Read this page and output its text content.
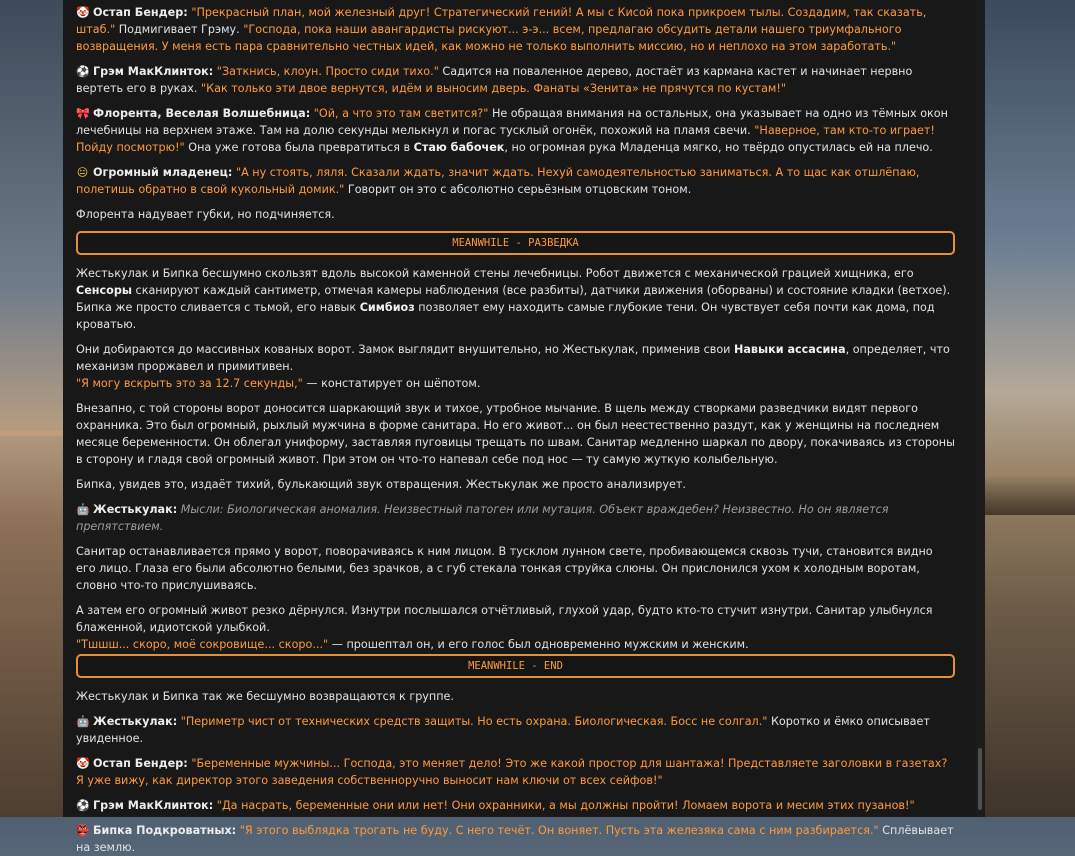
🤡 Остап Бендер: "Прекрасный план, мой железный друг! Стратегический гений! А мы с Кисой пока прикроем тылы. Создадим, так сказать, штаб." Подмигивает Грэму. "Господа, пока наши авангардисты рискуют... э-э... всем, предлагаю обсудить детали нашего триумфального возвращения. У меня есть пара сравнительно честных идей, как можно не только выполнить миссию, но и неплохо на этом заработать."

⚽ Грэм МакКлинток: "Заткнись, клоун. Просто сиди тихо." Садится на поваленное дерево, достаёт из кармана кастет и начинает нервно вертеть его в руках. "Как только эти двое вернутся, идём и выносим дверь. Фанаты «Зенита» не прячутся по кустам!"

🎀 Флорента, Веселая Волшебница: "Ой, а что это там светится?" Не обращая внимания на остальных, она указывает на одно из тёмных окон лечебницы на верхнем этаже. Там на долю секунды мелькнул и погас тусклый огонёк, похожий на пламя свечи. "Наверное, там кто-то играет! Пойду посмотрю!" Она уже готова была превратиться в Стаю бабочек, но огромная рука Младенца мягко, но твёрдо опустилась ей на плечо.

😐 Огромный младенец: "А ну стоять, ляля. Сказали ждать, значит ждать. Нехуй самодеятельностью заниматься. А то щас как отшлёпаю, полетишь обратно в свой кукольный домик." Говорит он это с абсолютно серьёзным отцовским тоном.

Флорента надувает губки, но подчиняется.

MEANWHILE - РАЗВЕДКА

Жестькулак и Бипка бесшумно скользят вдоль высокой каменной стены лечебницы. Робот движется с механической грацией хищника, его Сенсоры сканируют каждый сантиметр, отмечая камеры наблюдения (все разбиты), датчики движения (оборваны) и состояние кладки (ветхое). Бипка же просто сливается с тьмой, его навык Симбиоз позволяет ему находить самые глубокие тени. Он чувствует себя почти как дома, под кроватью.

Они добираются до массивных кованых ворот. Замок выглядит внушительно, но Жестькулак, применив свои Навыки ассасина, определяет, что механизм проржавел и примитивен.
"Я могу вскрыть это за 12.7 секунды," — констатирует он шёпотом.

Внезапно, с той стороны ворот доносится шаркающий звук и тихое, утробное мычание. В щель между створками разведчики видят первого охранника. Это был огромный, рыхлый мужчина в форме санитара. Но его живот... он был неестественно раздут, как у женщины на последнем месяце беременности. Он облегал униформу, заставляя пуговицы трещать по швам. Санитар медленно шаркал по двору, покачиваясь из стороны в сторону и гладя свой огромный живот. При этом он что-то напевал себе под нос — ту самую жуткую колыбельную.

Бипка, увидев это, издаёт тихий, булькающий звук отвращения. Жестькулак же просто анализирует.

🤖 Жестькулак: Мысли: Биологическая аномалия. Неизвестный патоген или мутация. Объект враждебен? Неизвестно. Но он является препятствием.

Санитар останавливается прямо у ворот, поворачиваясь к ним лицом. В тусклом лунном свете, пробивающемся сквозь тучи, становится видно его лицо. Глаза его были абсолютно белыми, без зрачков, а с губ стекала тонкая струйка слюны. Он прислонился ухом к холодным воротам, словно что-то прислушиваясь.

А затем его огромный живот резко дёрнулся. Изнутри послышался отчётливый, глухой удар, будто кто-то стучит изнутри. Санитар улыбнулся блаженной, идиотской улыбкой.
"Тшшш... скоро, моё сокровище... скоро..." — прошептал он, и его голос был одновременно мужским и женским.

MEANWHILE - END

Жестькулак и Бипка так же бесшумно возвращаются к группе.

🤖 Жестькулак: "Периметр чист от технических средств защиты. Но есть охрана. Биологическая. Босс не солгал." Коротко и ёмко описывает увиденное.

🤡 Остап Бендер: "Беременные мужчины... Господа, это меняет дело! Это же какой простор для шантажа! Представляете заголовки в газетах? Я уже вижу, как директор этого заведения собственноручно выносит нам ключи от всех сейфов!"

⚽ Грэм МакКлинток: "Да насрать, беременные они или нет! Они охранники, а мы должны пройти! Ломаем ворота и месим этих пузанов!"

👺 Бипка Подкроватных: "Я этого выблядка трогать не буду. С него течёт. Он воняет. Пусть эта железяка сама с ним разбирается." Сплёвывает на землю.
